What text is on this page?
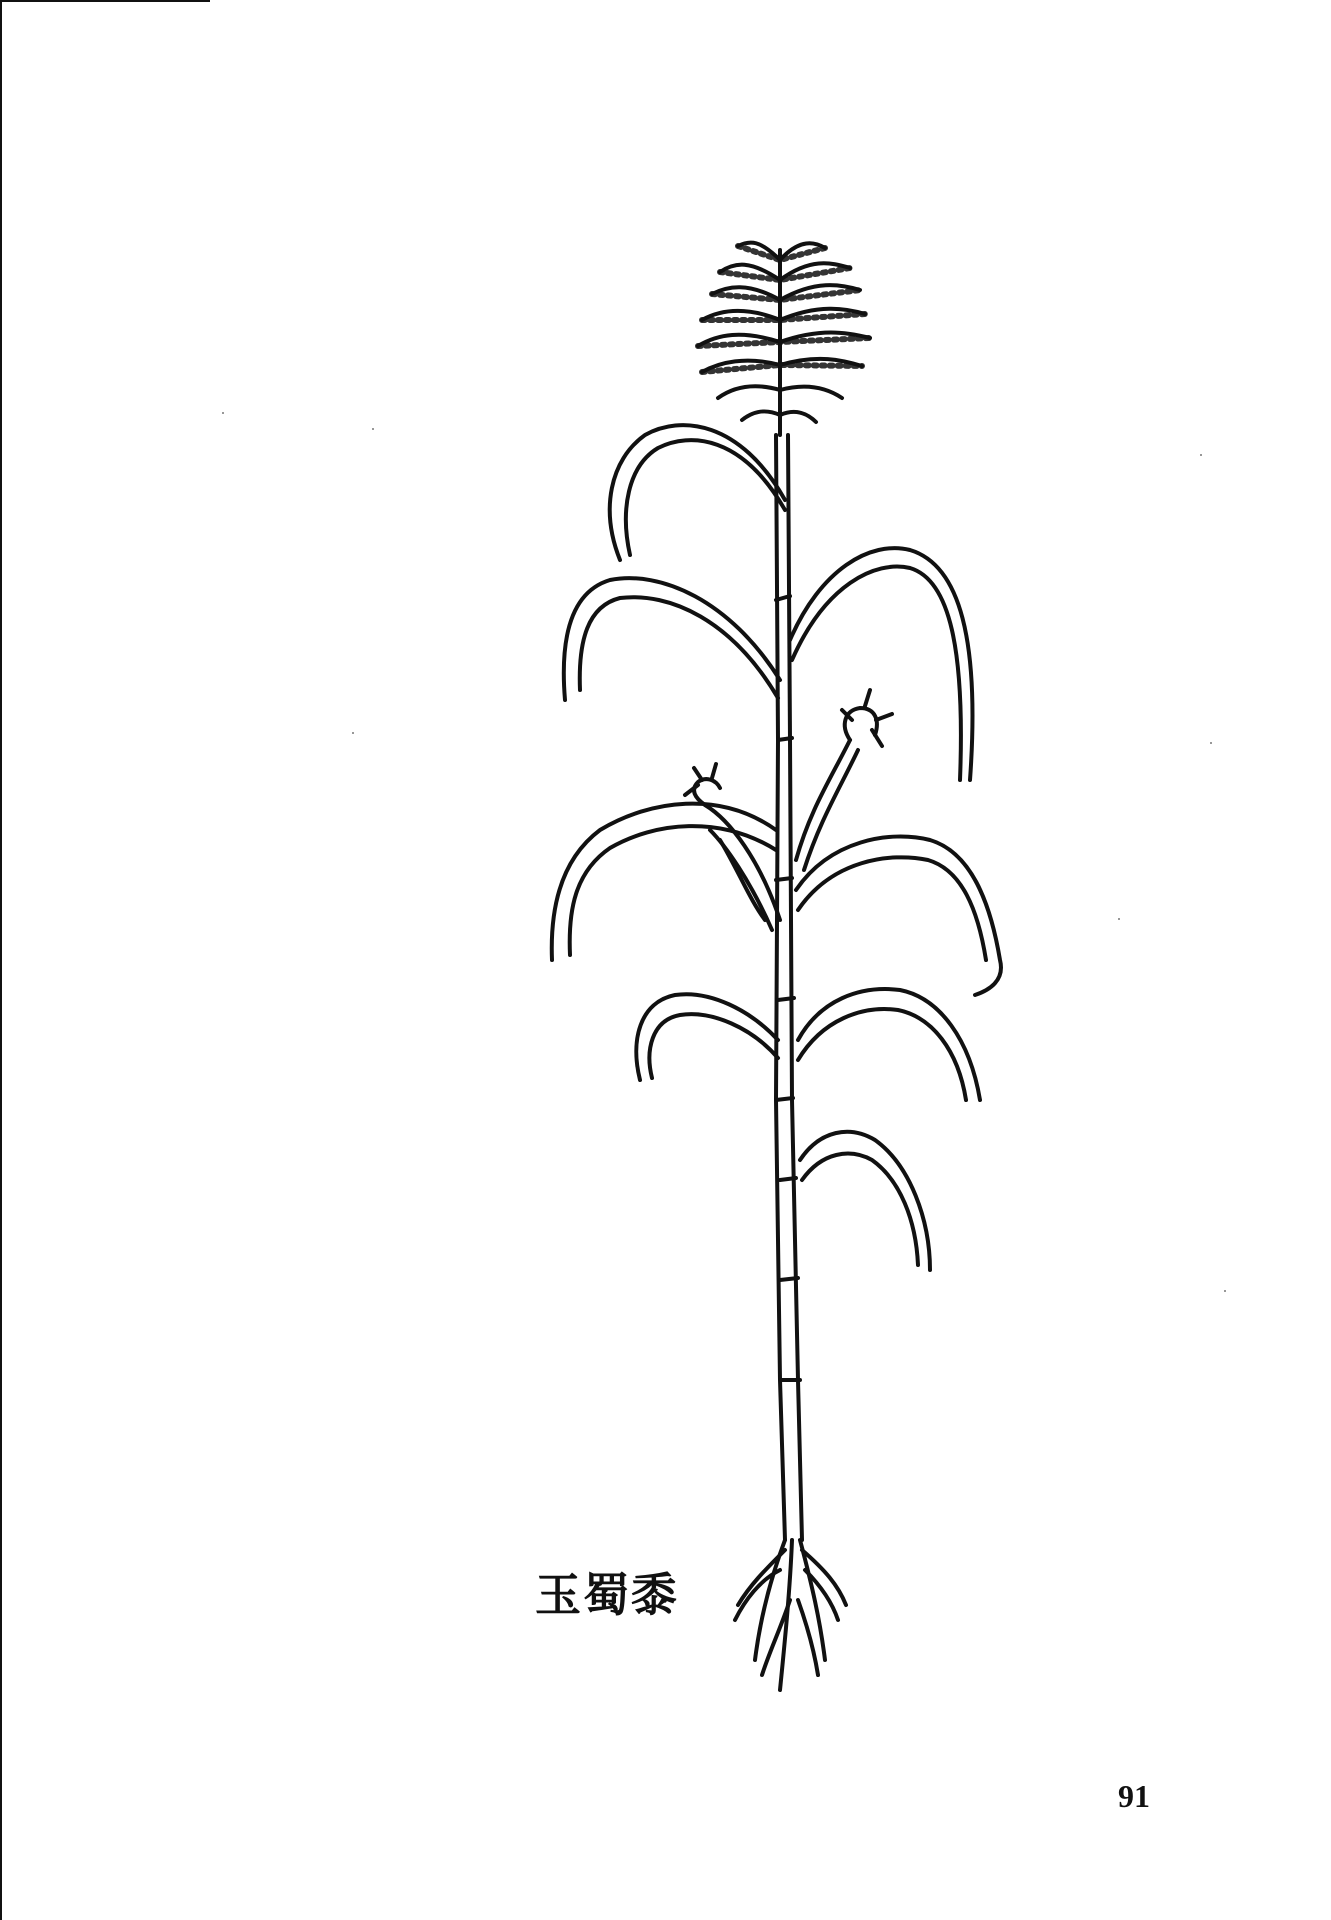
玉蜀黍
91
